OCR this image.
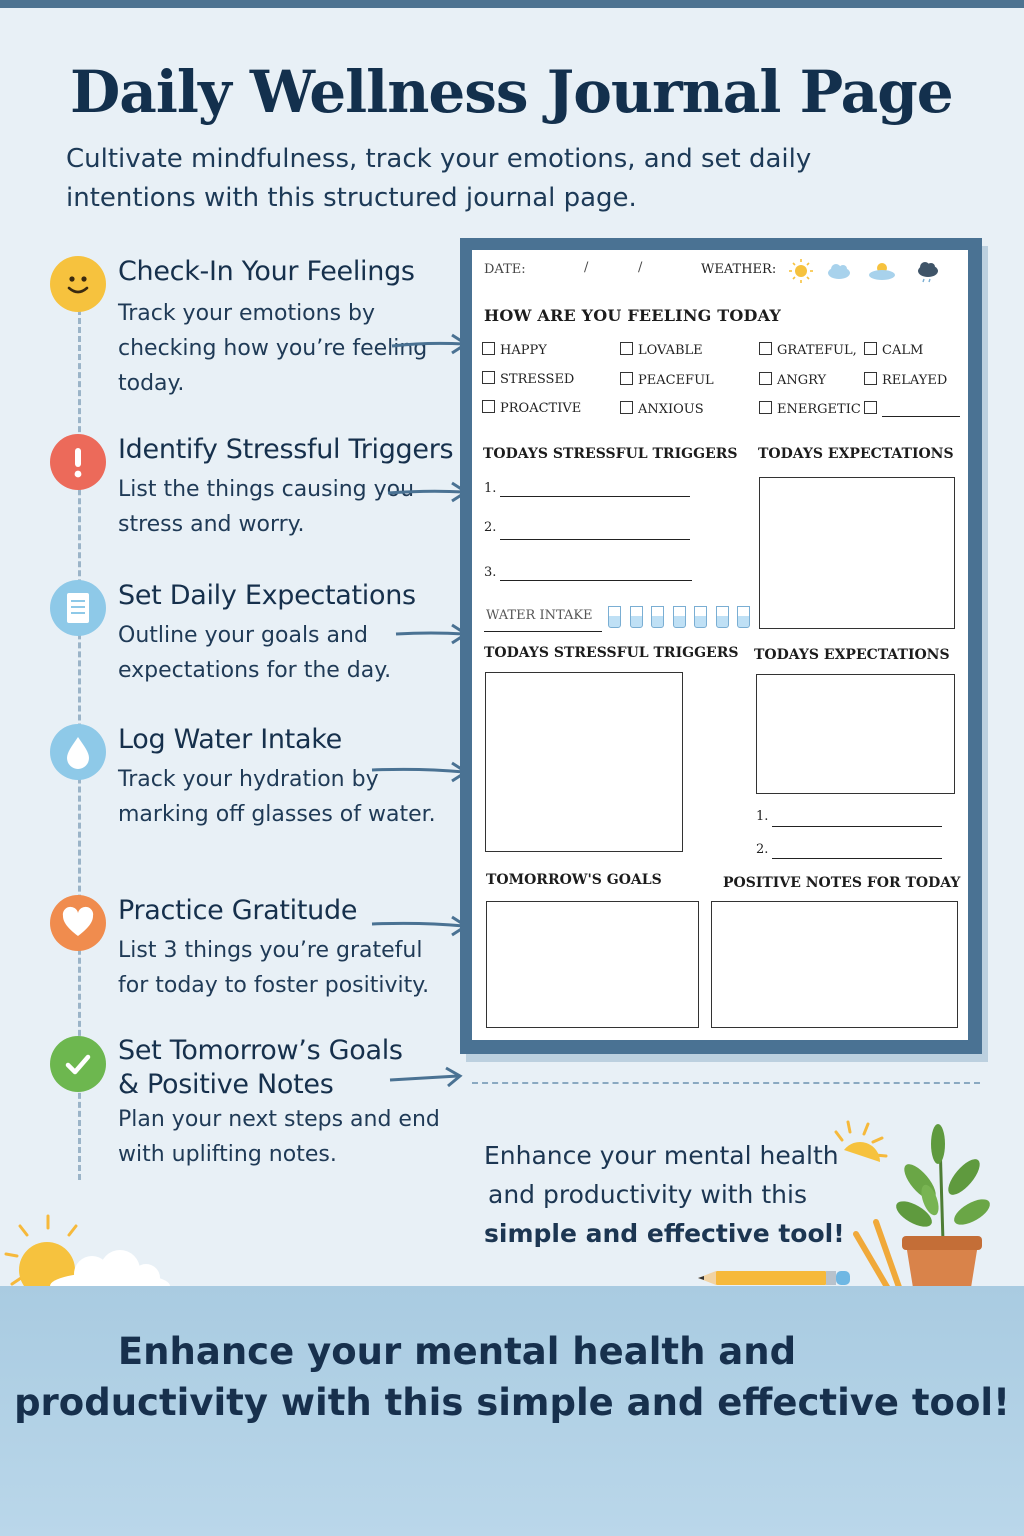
Daily Wellness Journal Page
Cultivate mindfulness, track your emotions, and set daily intentions with this structured journal page.
Check-In Your Feelings

Track your emotions by checking how you’re feeling today.

Identify Stressful Triggers

List the things causing you stress and worry.

Set Daily Expectations

Outline your goals and expectations for the day.

Log Water Intake

Track your hydration by marking off glasses of water.

Practice Gratitude

List 3 things you’re grateful for today to foster positivity.

Set Tomorrow’s Goals & Positive Notes

Plan your next steps and end with uplifting notes.

DATE:	/	/	WEATHER:
HOW ARE YOU FEELING TODAY
HAPPY	LOVABLE	GRATEFUL,	CALM
STRESSED	PEACEFUL	ANGRY	RELAYED
PROACTIVE	ANXIOUS	ENERGETIC
TODAYS STRESSFUL TRIGGERS TODAYS EXPECTATIONS
1.
2.
3.
WATER INTAKE
TODAYS STRESSFUL TRIGGERS TODAYS EXPECTATIONS
1.
2.
TOMORROW'S GOALS	POSITIVE NOTES FOR TODAY
Enhance your mental health
and productivity with this
simple and effective tool!
Enhance your mental health and
productivity with this simple and effective tool!
